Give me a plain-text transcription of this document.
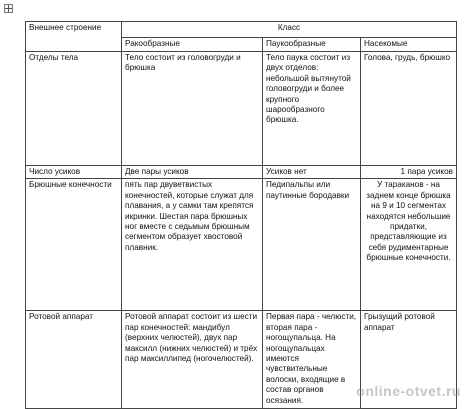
Внешнее строение	Класс		
	Ракообразные	Паукообразные	Насекомые
Отделы тела	Тело состоит из головогруди и брюшка	Тело паука состоит из двух отделов: небольшой вытянутой головогруди и более крупного шарообразного брюшка.	Голова, грудь, брюшко
Число усиков	Две пары усиков	Усиков нет	1 пара усиков
Брюшные конечности	пять пар двуветвистых конечностей, которые служат для плавания, а у самки там крепятся икринки. Шестая пара брюшных ног вместе с седьмым брюшным сегментом образует хвостовой плавник.	Педипальпы или паутинные бородавки	У тараканов - на заднем конце брюшка на 9 и 10 сегментах находятся небольшие придатки, представляющие из себя рудиментарные брюшные конечности.
Ротовой аппарат	Ротовой аппарат состоит из шести пар конечностей: мандибул (верхних челюстей), двух пар максилл (нижних челюстей) и трёх пар максиллипед (ногочелюстей).	Первая пара - челюсти, вторая пара - ногощупальца. На ногощупальцах имеются чувствительные волоски, входящие в состав органов осязания.	Грызущий ротовой аппарат
online-otvet.ru
